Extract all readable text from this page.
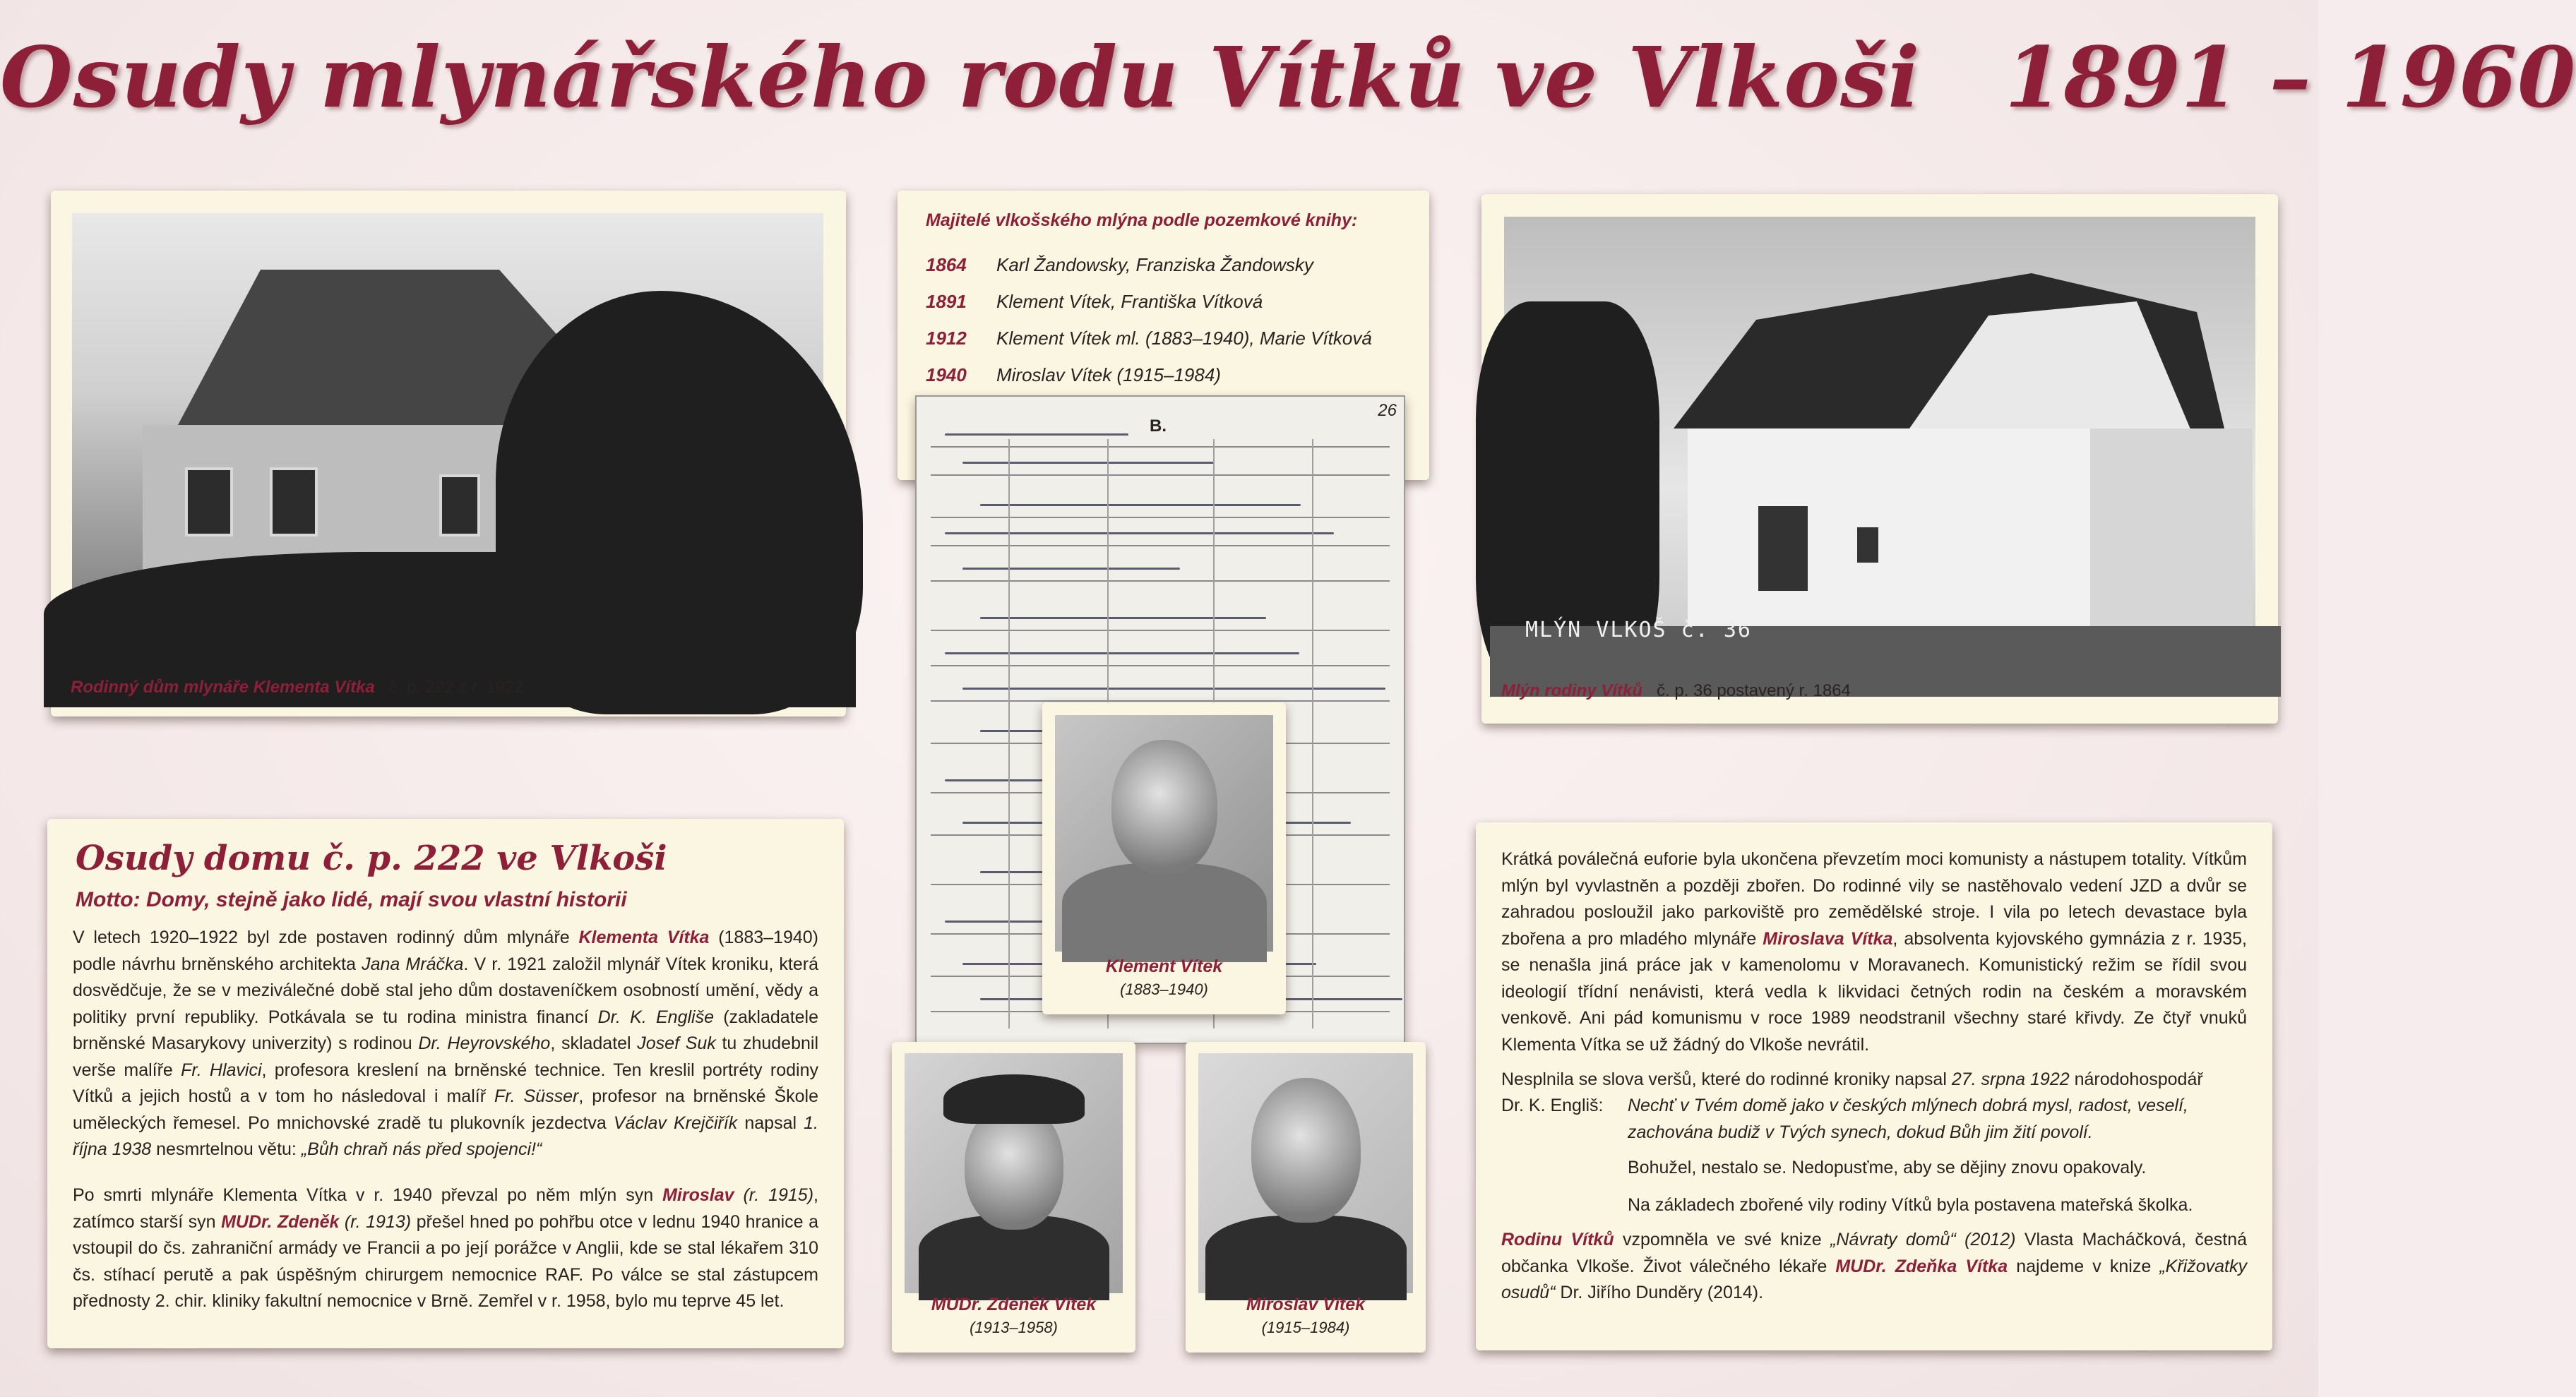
Osudy mlynářského rodu Vítků ve Vlkoši 1891 – 1960
Rodinný dům mlynáře Klementa Vítka č. p. 222 z r. 1922
Majitelé vlkošského mlýna podle pozemkové knihy:
1864 Karl Žandowsky, Franziska Žandowsky
1891 Klement Vítek, Františka Vítková
1912 Klement Vítek ml. (1883–1940), Marie Vítková
1940 Miroslav Vítek (1915–1984)
B.
26
MLÝN VLKOŠ č. 36
Mlýn rodiny Vítků č. p. 36 postavený r. 1864
Klement Vítek
(1883–1940)
MUDr. Zdeněk Vítek
(1913–1958)
Miroslav Vítek
(1915–1984)
Osudy domu č. p. 222 ve Vlkoši
Motto: Domy, stejně jako lidé, mají svou vlastní historii
V letech 1920–1922 byl zde postaven rodinný dům mlynáře Klementa Vítka (1883–1940) podle návrhu brněnského architekta Jana Mráčka. V r. 1921 založil mlynář Vítek kroniku, která dosvědčuje, že se v meziválečné době stal jeho dům dostaveníčkem osobností umění, vědy a politiky první republiky. Potkávala se tu rodina ministra financí Dr. K. Engliše (zakladatele brněnské Masarykovy univerzity) s rodinou Dr. Heyrovského, skladatel Josef Suk tu zhudebnil verše malíře Fr. Hlavici, profesora kreslení na brněnské technice. Ten kreslil portréty rodiny Vítků a jejich hostů a v tom ho následoval i malíř Fr. Süsser, profesor na brněnské Škole uměleckých řemesel. Po mnichovské zradě tu plukovník jezdectva Václav Krejčiřík napsal 1. října 1938 nesmrtelnou větu: „Bůh chraň nás před spojenci!“
Po smrti mlynáře Klementa Vítka v r. 1940 převzal po něm mlýn syn Miroslav (r. 1915), zatímco starší syn MUDr. Zdeněk (r. 1913) přešel hned po pohřbu otce v lednu 1940 hranice a vstoupil do čs. zahraniční armády ve Francii a po její porážce v Anglii, kde se stal lékařem 310 čs. stíhací perutě a pak úspěšným chirurgem nemocnice RAF. Po válce se stal zástupcem přednosty 2. chir. kliniky fakultní nemocnice v Brně. Zemřel v r. 1958, bylo mu teprve 45 let.
Krátká poválečná euforie byla ukončena převzetím moci komunisty a nástupem totality. Vítkům mlýn byl vyvlastněn a později zbořen. Do rodinné vily se nastěhovalo vedení JZD a dvůr se zahradou posloužil jako parkoviště pro zemědělské stroje. I vila po letech devastace byla zbořena a pro mladého mlynáře Miroslava Vítka, absolventa kyjovského gymnázia z r. 1935, se nenašla jiná práce jak v kamenolomu v Moravanech. Komunistický režim se řídil svou ideologií třídní nenávisti, která vedla k likvidaci četných rodin na českém a moravském venkově. Ani pád komunismu v roce 1989 neodstranil všechny staré křivdy. Ze čtyř vnuků Klementa Vítka se už žádný do Vlkoše nevrátil.
Nesplnila se slova veršů, které do rodinné kroniky napsal 27. srpna 1922 národohospodář
Dr. K. Engliš:	Nechť v Tvém domě jako v českých mlýnech dobrá mysl, radost, veselí, zachována budiž v Tvých synech, dokud Bůh jim žití povolí.
Bohužel, nestalo se. Nedopusťme, aby se dějiny znovu opakovaly.
Na základech zbořené vily rodiny Vítků byla postavena mateřská školka.
Rodinu Vítků vzpomněla ve své knize „Návraty domů“ (2012) Vlasta Macháčková, čestná občanka Vlkoše. Život válečného lékaře MUDr. Zdeňka Vítka najdeme v knize „Křižovatky osudů“ Dr. Jiřího Dunděry (2014).
